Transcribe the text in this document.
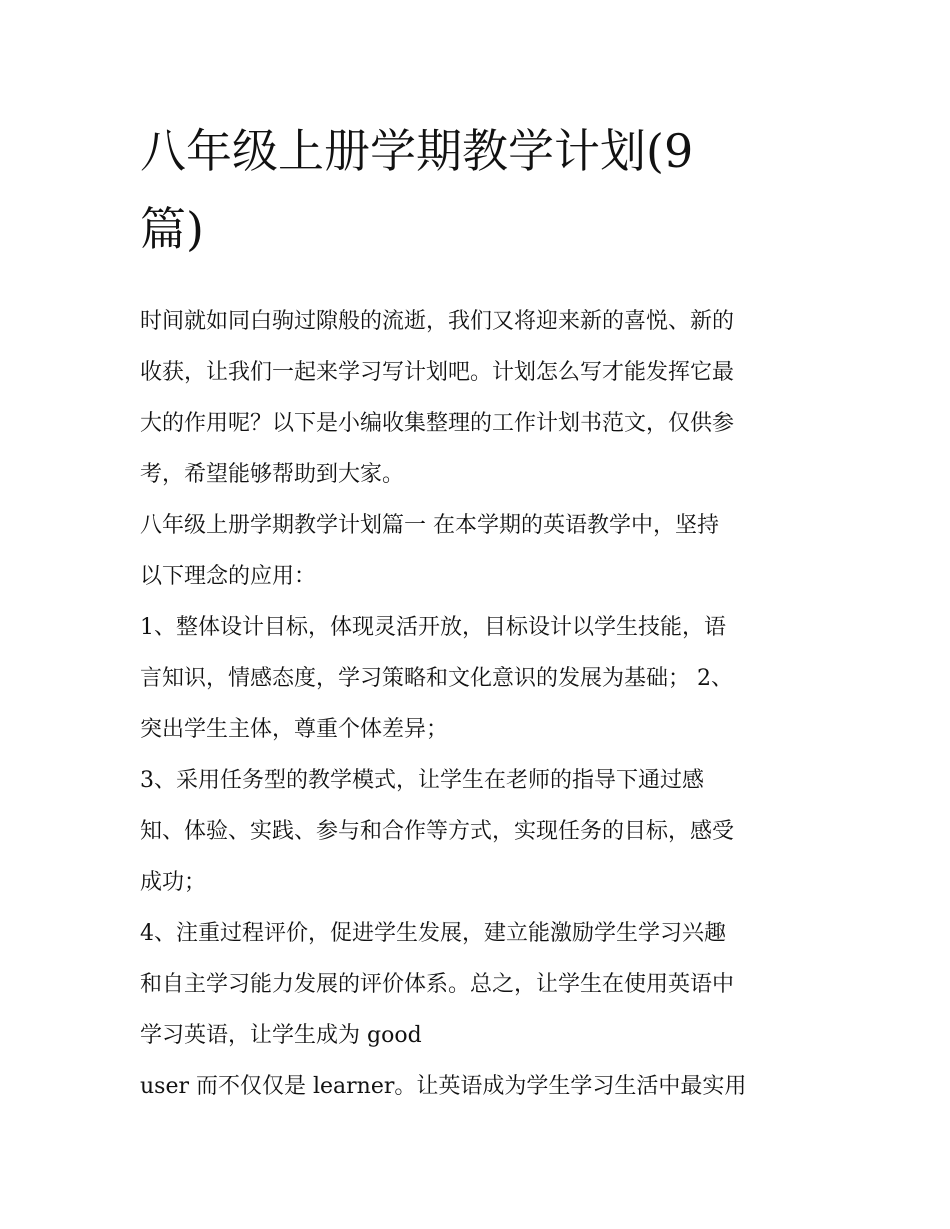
八年级上册学期教学计划(9
篇)
时间就如同白驹过隙般的流逝，我们又将迎来新的喜悦、新的
收获，让我们一起来学习写计划吧。计划怎么写才能发挥它最
大的作用呢？以下是小编收集整理的工作计划书范文，仅供参
考，希望能够帮助到大家。
八年级上册学期教学计划篇一 在本学期的英语教学中，坚持
以下理念的应用：
1、整体设计目标，体现灵活开放，目标设计以学生技能，语
言知识，情感态度，学习策略和文化意识的发展为基础； 2、
突出学生主体，尊重个体差异；
3、采用任务型的教学模式，让学生在老师的指导下通过感
知、体验、实践、参与和合作等方式，实现任务的目标，感受
成功；
4、注重过程评价，促进学生发展，建立能激励学生学习兴趣
和自主学习能力发展的评价体系。总之，让学生在使用英语中
学习英语，让学生成为 good
user 而不仅仅是 learner。让英语成为学生学习生活中最实用
